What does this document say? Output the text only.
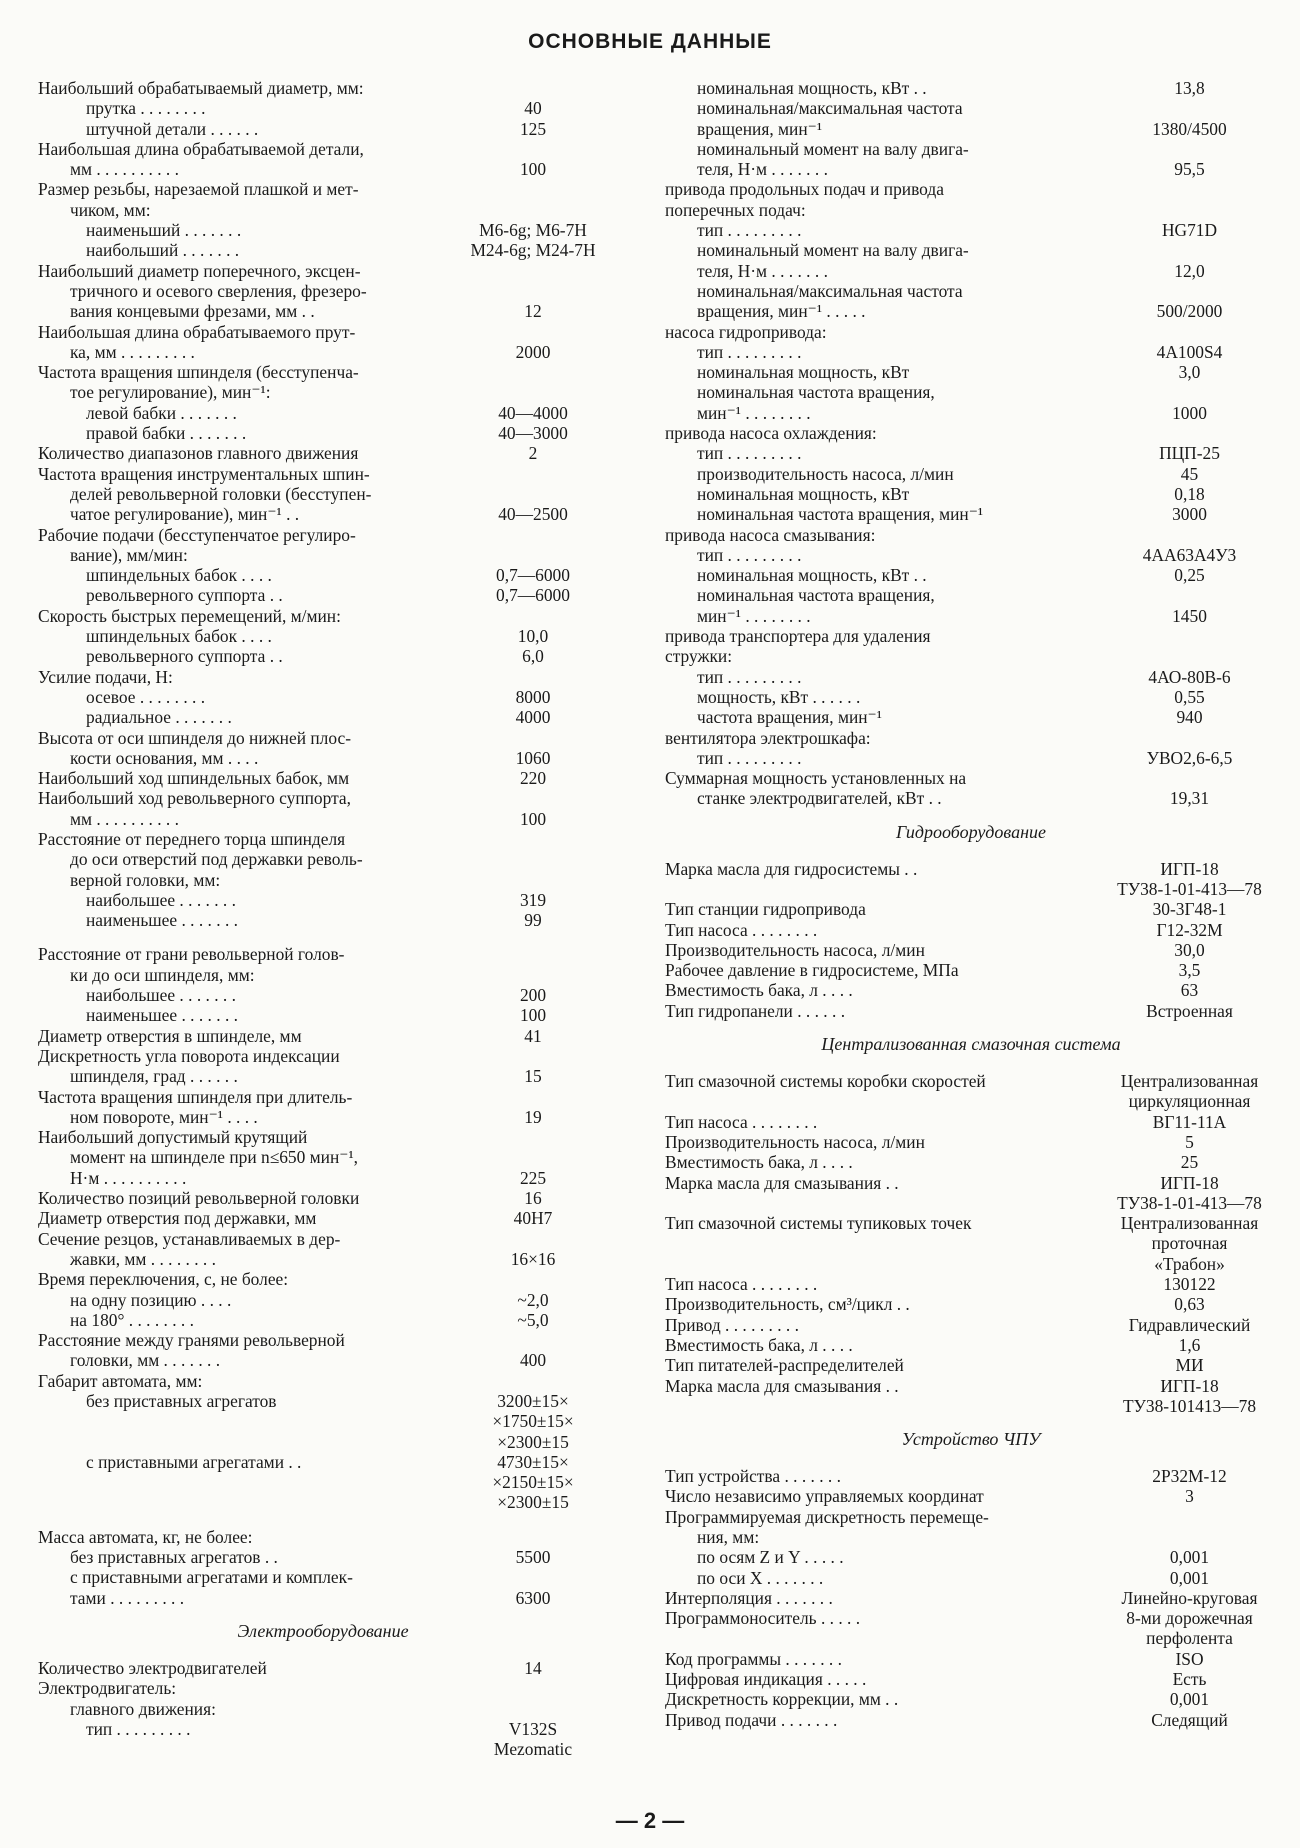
ОСНОВНЫЕ ДАННЫЕ
Наибольший обрабатываемый диаметр, мм:
прутка . . . . . . . .	40
штучной детали . . . . . .	125
Наибольшая длина обрабатываемой детали,
мм . . . . . . . . . .	100
Размер резьбы, нарезаемой плашкой и мет-
чиком, мм:
наименьший . . . . . . .	М6-6g; М6-7H
наибольший . . . . . . .	М24-6g; М24-7H
Наибольший диаметр поперечного, эксцен-
тричного и осевого сверления, фрезеро-
вания концевыми фрезами, мм . .	12
Наибольшая длина обрабатываемого прут-
ка, мм . . . . . . . . .	2000
Частота вращения шпинделя (бесступенча-
тое регулирование), мин⁻¹:
левой бабки . . . . . . .	40—4000
правой бабки . . . . . . .	40—3000
Количество диапазонов главного движения	2
Частота вращения инструментальных шпин-
делей револьверной головки (бесступен-
чатое регулирование), мин⁻¹ . .	40—2500
Рабочие подачи (бесступенчатое регулиро-
вание), мм/мин:
шпиндельных бабок . . . .	0,7—6000
револьверного суппорта . .	0,7—6000
Скорость быстрых перемещений, м/мин:
шпиндельных бабок . . . .	10,0
револьверного суппорта . .	6,0
Усилие подачи, Н:
осевое . . . . . . . .	8000
радиальное . . . . . . .	4000
Высота от оси шпинделя до нижней плос-
кости основания, мм . . . .	1060
Наибольший ход шпиндельных бабок, мм	220
Наибольший ход револьверного суппорта,
мм . . . . . . . . . .	100
Расстояние от переднего торца шпинделя
до оси отверстий под державки револь-
верной головки, мм:
наибольшее . . . . . . .	319
наименьшее . . . . . . .	99
Расстояние от грани револьверной голов-
ки до оси шпинделя, мм:
наибольшее . . . . . . .	200
наименьшее . . . . . . .	100
Диаметр отверстия в шпинделе, мм	41
Дискретность угла поворота индексации
шпинделя, град . . . . . .	15
Частота вращения шпинделя при длитель-
ном повороте, мин⁻¹ . . . .	19
Наибольший допустимый крутящий
момент на шпинделе при n≤650 мин⁻¹,
Н·м . . . . . . . . . .	225
Количество позиций револьверной головки	16
Диаметр отверстия под державки, мм	40H7
Сечение резцов, устанавливаемых в дер-
жавки, мм . . . . . . . .	16×16
Время переключения, с, не более:
на одну позицию . . . .	~2,0
на 180° . . . . . . . .	~5,0
Расстояние между гранями револьверной
головки, мм . . . . . . .	400
Габарит автомата, мм:
без приставных агрегатов	3200±15×
×1750±15×
×2300±15
с приставными агрегатами . .	4730±15×
×2150±15×
×2300±15
Масса автомата, кг, не более:
без приставных агрегатов . .	5500
с приставными агрегатами и комплек-
тами . . . . . . . . .	6300
Электрооборудование
Количество электродвигателей	14
Электродвигатель:
главного движения:
тип . . . . . . . . .	V132S
Mezomatic
номинальная мощность, кВт . .	13,8
номинальная/максимальная частота
вращения, мин⁻¹	1380/4500
номинальный момент на валу двига-
теля, Н·м . . . . . . .	95,5
привода продольных подач и привода
поперечных подач:
тип . . . . . . . . .	HG71D
номинальный момент на валу двига-
теля, Н·м . . . . . . .	12,0
номинальная/максимальная частота
вращения, мин⁻¹ . . . . .	500/2000
насоса гидропривода:
тип . . . . . . . . .	4А100S4
номинальная мощность, кВт	3,0
номинальная частота вращения,
мин⁻¹ . . . . . . . .	1000
привода насоса охлаждения:
тип . . . . . . . . .	ПЦП-25
производительность насоса, л/мин	45
номинальная мощность, кВт	0,18
номинальная частота вращения, мин⁻¹	3000
привода насоса смазывания:
тип . . . . . . . . .	4АА63А4У3
номинальная мощность, кВт . .	0,25
номинальная частота вращения,
мин⁻¹ . . . . . . . .	1450
привода транспортера для удаления
стружки:
тип . . . . . . . . .	4АО-80В-6
мощность, кВт . . . . . .	0,55
частота вращения, мин⁻¹	940
вентилятора электрошкафа:
тип . . . . . . . . .	УВО2,6-6,5
Суммарная мощность установленных на
станке электродвигателей, кВт . .	19,31
Гидрооборудование
Марка масла для гидросистемы . .	ИГП-18
ТУ38-1-01-413—78
Тип станции гидропривода	30-3Г48-1
Тип насоса . . . . . . . .	Г12-32М
Производительность насоса, л/мин	30,0
Рабочее давление в гидросистеме, МПа	3,5
Вместимость бака, л . . . .	63
Тип гидропанели . . . . . .	Встроенная
Централизованная смазочная система
Тип смазочной системы коробки скоростей	Централизованная
циркуляционная
Тип насоса . . . . . . . .	ВГ11-11А
Производительность насоса, л/мин	5
Вместимость бака, л . . . .	25
Марка масла для смазывания . .	ИГП-18
ТУ38-1-01-413—78
Тип смазочной системы тупиковых точек	Централизованная
проточная
«Трабон»
Тип насоса . . . . . . . .	130122
Производительность, см³/цикл . .	0,63
Привод . . . . . . . . .	Гидравлический
Вместимость бака, л . . . .	1,6
Тип питателей-распределителей	МИ
Марка масла для смазывания . .	ИГП-18
ТУ38-101413—78
Устройство ЧПУ
Тип устройства . . . . . . .	2Р32М-12
Число независимо управляемых координат	3
Программируемая дискретность перемеще-
ния, мм:
по осям Z и Y . . . . .	0,001
по оси X . . . . . . .	0,001
Интерполяция . . . . . . .	Линейно-круговая
Программоноситель . . . . .	8-ми дорожечная
перфолента
Код программы . . . . . . .	ISO
Цифровая индикация . . . . .	Есть
Дискретность коррекции, мм . .	0,001
Привод подачи . . . . . . .	Следящий
— 2 —
